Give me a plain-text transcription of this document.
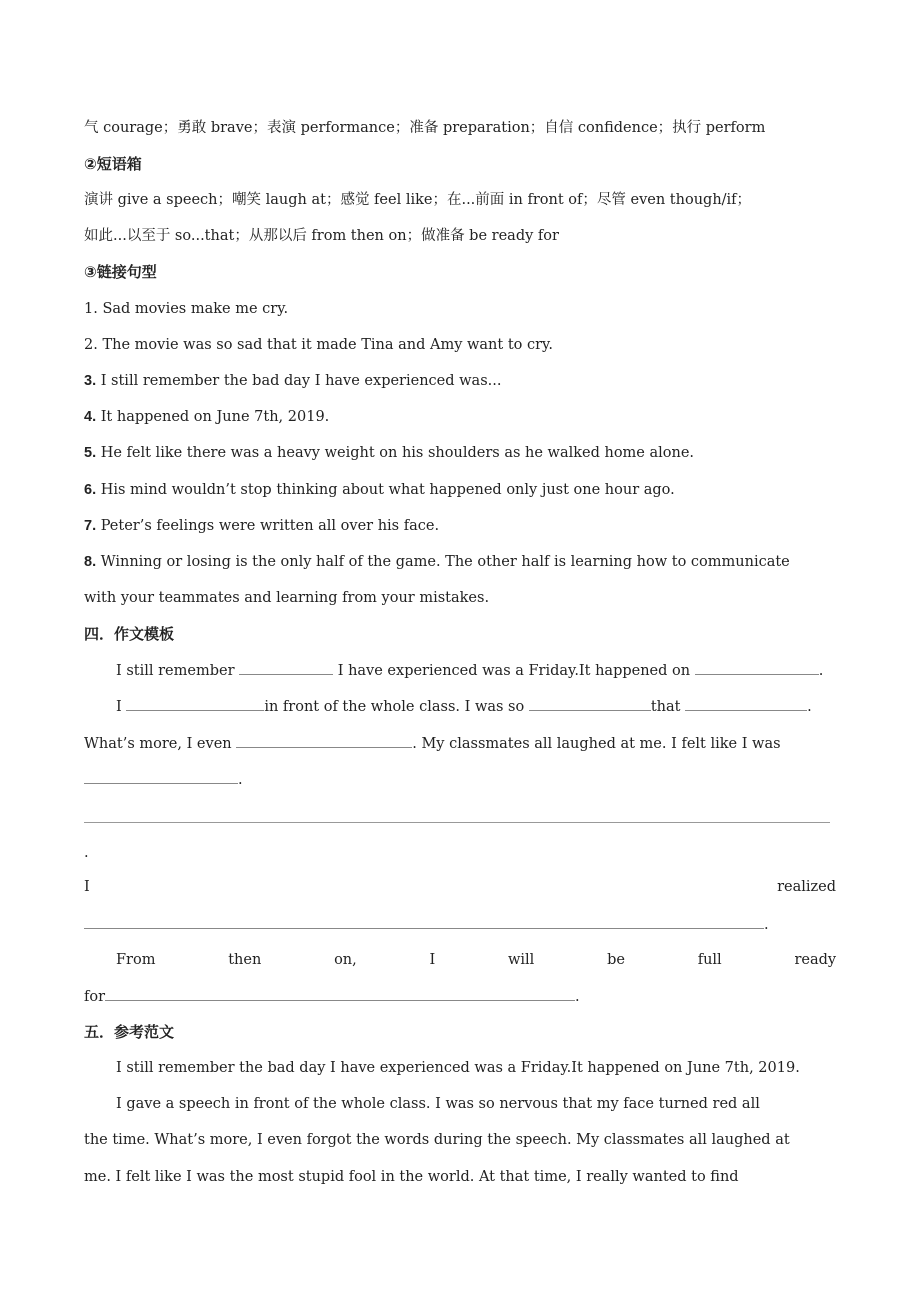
气 courage；勇敢 brave；表演 performance；准备 preparation；自信 confidence；执行 perform
②短语箱
演讲 give a speech；嘲笑 laugh at；感觉 feel like；在...前面 in front of；尽管 even though/if；
如此...以至于 so...that；从那以后 from then on；做准备 be ready for
③链接句型
1. Sad movies make me cry.
2. The movie was so sad that it made Tina and Amy want to cry.
3. I still remember the bad day I have experienced was...
4. It happened on June 7th, 2019.
5. He felt like there was a heavy weight on his shoulders as he walked home alone.
6. His mind wouldn’t stop thinking about what happened only just one hour ago.
7. Peter’s feelings were written all over his face.
8. Winning or losing is the only half of the game. The other half is learning how to communicate
with your teammates and learning from your mistakes.
四．作文模板
I still remember	I have experienced was a Friday.It happened on	.
I	in front of the whole class. I was so	that	.
What’s more, I even	. My classmates all laughed at me. I felt like I was
.
.
I	realized
.
From	then	on,	I	will	be	full	ready
for	.
五．参考范文
I still remember the bad day I have experienced was a Friday.It happened on June 7th, 2019.
I gave a speech in front of the whole class. I was so nervous that my face turned red all
the time. What’s more, I even forgot the words during the speech. My classmates all laughed at
me. I felt like I was the most stupid fool in the world. At that time, I really wanted to find
